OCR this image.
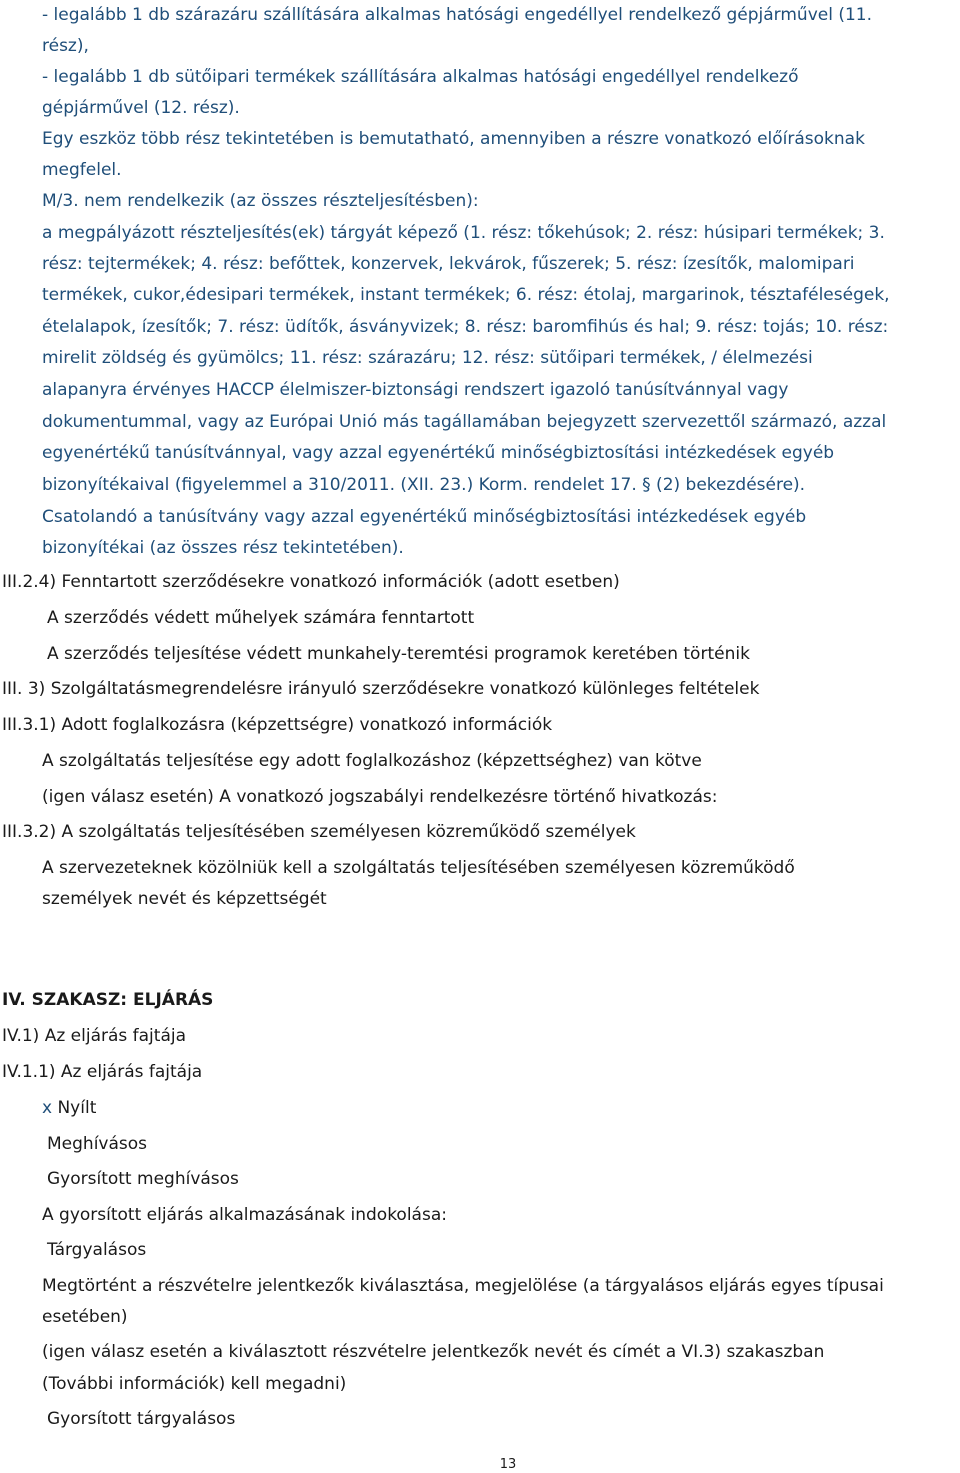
- legalább 1 db szárazáru szállítására alkalmas hatósági engedéllyel rendelkező gépjárművel (11.
rész),
- legalább 1 db sütőipari termékek szállítására alkalmas hatósági engedéllyel rendelkező
gépjárművel (12. rész).
Egy eszköz több rész tekintetében is bemutatható, amennyiben a részre vonatkozó előírásoknak
megfelel.
M/3. nem rendelkezik (az összes részteljesítésben):
a megpályázott részteljesítés(ek) tárgyát képező (1. rész: tőkehúsok; 2. rész: húsipari termékek; 3.
rész: tejtermékek; 4. rész: befőttek, konzervek, lekvárok, fűszerek; 5. rész: ízesítők, malomipari
termékek, cukor,édesipari termékek, instant termékek; 6. rész: étolaj, margarinok, tésztaféleségek,
ételalapok, ízesítők; 7. rész: üdítők, ásványvizek; 8. rész: baromfihús és hal; 9. rész: tojás; 10. rész:
mirelit zöldség és gyümölcs; 11. rész: szárazáru; 12. rész: sütőipari termékek, / élelmezési
alapanyra érvényes HACCP élelmiszer-biztonsági rendszert igazoló tanúsítvánnyal vagy
dokumentummal, vagy az Európai Unió más tagállamában bejegyzett szervezettől származó, azzal
egyenértékű tanúsítvánnyal, vagy azzal egyenértékű minőségbiztosítási intézkedések egyéb
bizonyítékaival (figyelemmel a 310/2011. (XII. 23.) Korm. rendelet 17. § (2) bekezdésére).
Csatolandó a tanúsítvány vagy azzal egyenértékű minőségbiztosítási intézkedések egyéb
bizonyítékai (az összes rész tekintetében).
III.2.4) Fenntartott szerződésekre vonatkozó információk (adott esetben)
A szerződés védett műhelyek számára fenntartott
A szerződés teljesítése védett munkahely-teremtési programok keretében történik
III. 3) Szolgáltatásmegrendelésre irányuló szerződésekre vonatkozó különleges feltételek
III.3.1) Adott foglalkozásra (képzettségre) vonatkozó információk
A szolgáltatás teljesítése egy adott foglalkozáshoz (képzettséghez) van kötve
(igen válasz esetén) A vonatkozó jogszabályi rendelkezésre történő hivatkozás:
III.3.2) A szolgáltatás teljesítésében személyesen közreműködő személyek
A szervezeteknek közölniük kell a szolgáltatás teljesítésében személyesen közreműködő
személyek nevét és képzettségét
IV. SZAKASZ: ELJÁRÁS
IV.1) Az eljárás fajtája
IV.1.1) Az eljárás fajtája
x Nyílt
Meghívásos
Gyorsított meghívásos
A gyorsított eljárás alkalmazásának indokolása:
Tárgyalásos
Megtörtént a részvételre jelentkezők kiválasztása, megjelölése (a tárgyalásos eljárás egyes típusai
esetében)
(igen válasz esetén a kiválasztott részvételre jelentkezők nevét és címét a VI.3) szakaszban
(További információk) kell megadni)
Gyorsított tárgyalásos
13
